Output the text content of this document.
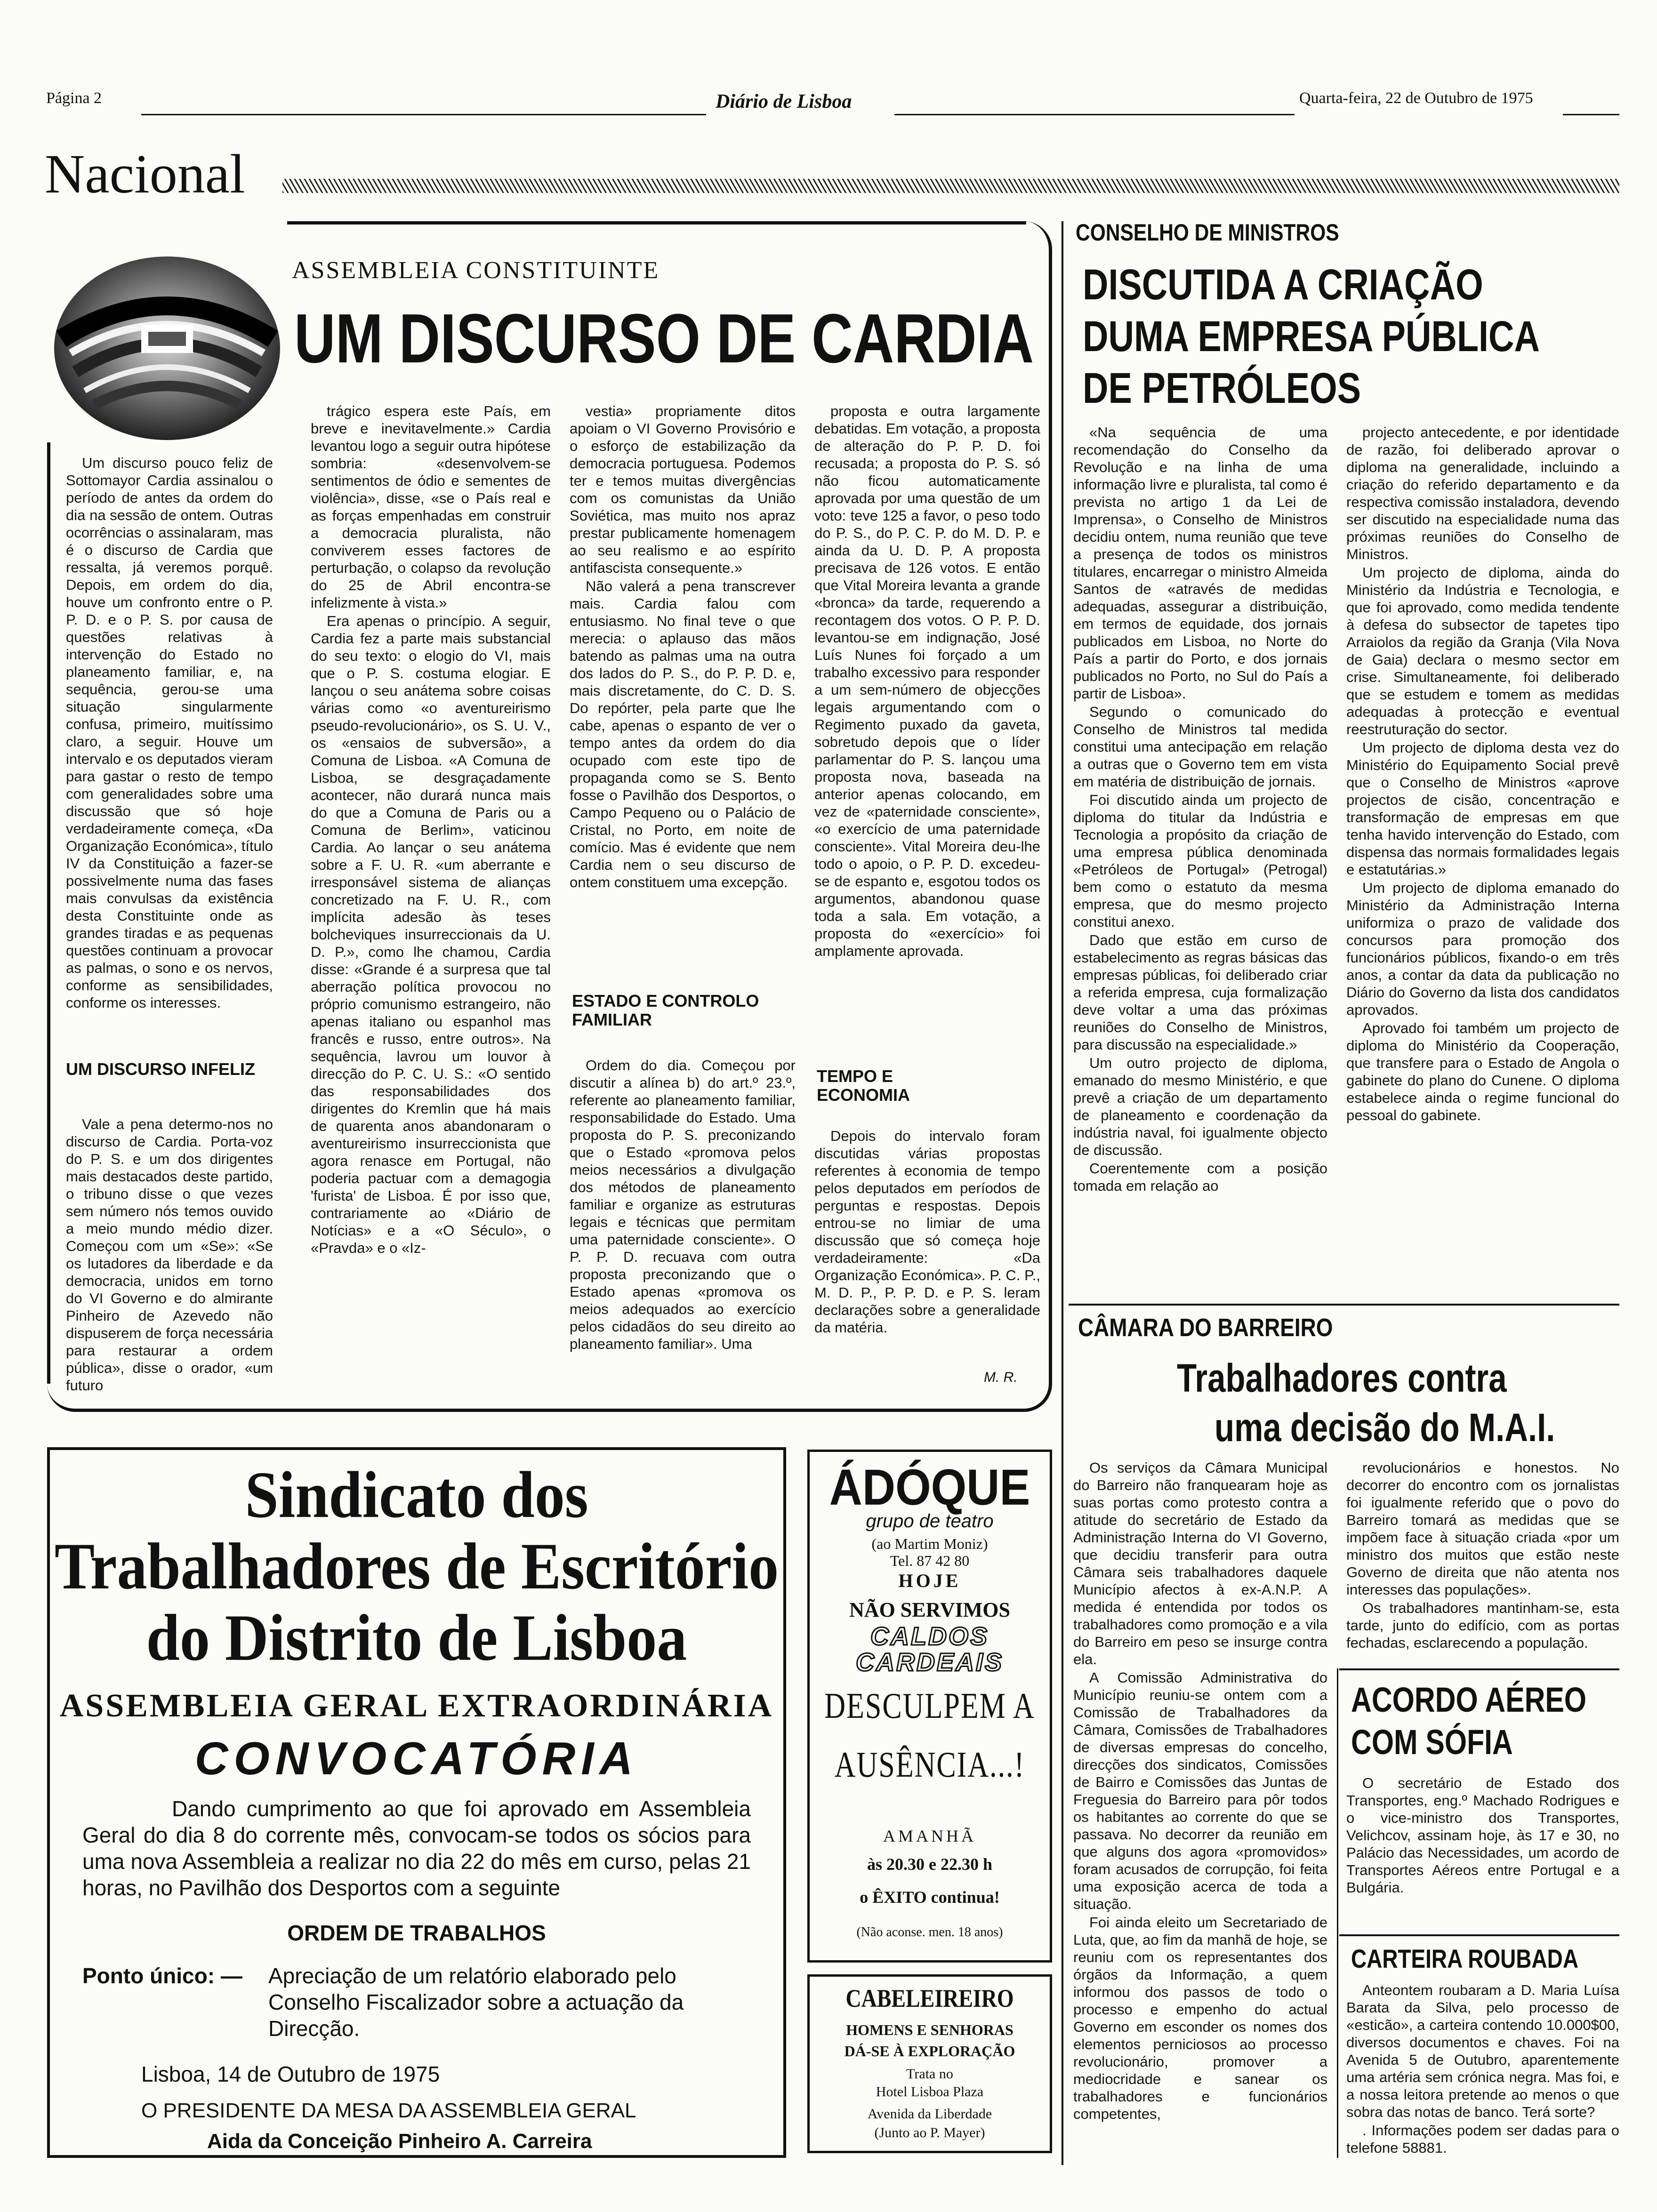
Página 2	Diário de Lisboa	Quarta-feira, 22 de Outubro de 1975
Nacional
ASSEMBLEIA CONSTITUINTE
UM DISCURSO DE CARDIA

Um discurso pouco feliz de Sottomayor Cardia assinalou o período de antes da ordem do dia na sessão de ontem. Outras ocorrências o assinalaram, mas é o discurso de Cardia que ressalta, já veremos porquê. Depois, em ordem do dia, houve um confronto entre o P. P. D. e o P. S. por causa de questões relativas à intervenção do Estado no planeamento familiar, e, na sequência, gerou-se uma situação singularmente confusa, primeiro, muitíssimo claro, a seguir. Houve um intervalo e os deputados vieram para gastar o resto de tempo com generalidades sobre uma discussão que só hoje verdadeiramente começa, «Da Organização Económica», título IV da Constituição a fazer-se possivelmente numa das fases mais convulsas da existência desta Constituinte onde as grandes tiradas e as pequenas questões continuam a provocar as palmas, o sono e os nervos, conforme as sensibilidades, conforme os interesses.

UM DISCURSO INFELIZ

Vale a pena determo-nos no discurso de Cardia. Porta-voz do P. S. e um dos dirigentes mais destacados deste partido, o tribuno disse o que vezes sem número nós temos ouvido a meio mundo médio dizer. Começou com um «Se»: «Se os lutadores da liberdade e da democracia, unidos em torno do VI Governo e do almirante Pinheiro de Azevedo não dispuserem de força necessária para restaurar a ordem pública», disse o orador, «um futuro

trágico espera este País, em breve e inevitavelmente.» Cardia levantou logo a seguir outra hipótese sombria: «desenvolvem-se sentimentos de ódio e sementes de violência», disse, «se o País real e as forças empenhadas em construir a democracia pluralista, não conviverem esses factores de perturbação, o colapso da revolução do 25 de Abril encontra-se infelizmente à vista.»

Era apenas o princípio. A seguir, Cardia fez a parte mais substancial do seu texto: o elogio do VI, mais que o P. S. costuma elogiar. E lançou o seu anátema sobre coisas várias como «o aventureirismo pseudo-revolucionário», os S. U. V., os «ensaios de subversão», a Comuna de Lisboa. «A Comuna de Lisboa, se desgraçadamente acontecer, não durará nunca mais do que a Comuna de Paris ou a Comuna de Berlim», vaticinou Cardia. Ao lançar o seu anátema sobre a F. U. R. «um aberrante e irresponsável sistema de alianças concretizado na F. U. R., com implícita adesão às teses bolcheviques insurreccionais da U. D. P.», como lhe chamou, Cardia disse: «Grande é a surpresa que tal aberração política provocou no próprio comunismo estrangeiro, não apenas italiano ou espanhol mas francês e russo, entre outros». Na sequência, lavrou um louvor à direcção do P. C. U. S.: «O sentido das responsabilidades dos dirigentes do Kremlin que há mais de quarenta anos abandonaram o aventureirismo insurreccionista que agora renasce em Portugal, não poderia pactuar com a demagogia 'furista' de Lisboa. É por isso que, contrariamente ao «Diário de Notícias» e a «O Século», o «Pravda» e o «Iz-

vestia» propriamente ditos apoiam o VI Governo Provisório e o esforço de estabilização da democracia portuguesa. Podemos ter e temos muitas divergências com os comunistas da União Soviética, mas muito nos apraz prestar publicamente homenagem ao seu realismo e ao espírito antifascista consequente.»

Não valerá a pena transcrever mais. Cardia falou com entusiasmo. No final teve o que merecia: o aplauso das mãos batendo as palmas uma na outra dos lados do P. S., do P. P. D. e, mais discretamente, do C. D. S. Do repórter, pela parte que lhe cabe, apenas o espanto de ver o tempo antes da ordem do dia ocupado com este tipo de propaganda como se S. Bento fosse o Pavilhão dos Desportos, o Campo Pequeno ou o Palácio de Cristal, no Porto, em noite de comício. Mas é evidente que nem Cardia nem o seu discurso de ontem constituem uma excepção.

ESTADO E CONTROLO FAMILIAR

Ordem do dia. Começou por discutir a alínea b) do art.º 23.º, referente ao planeamento familiar, responsabilidade do Estado. Uma proposta do P. S. preconizando que o Estado «promova pelos meios necessários a divulgação dos métodos de planeamento familiar e organize as estruturas legais e técnicas que permitam uma paternidade consciente». O P. P. D. recuava com outra proposta preconizando que o Estado apenas «promova os meios adequados ao exercício pelos cidadãos do seu direito ao planeamento familiar». Uma

proposta e outra largamente debatidas. Em votação, a proposta de alteração do P. P. D. foi recusada; a proposta do P. S. só não ficou automaticamente aprovada por uma questão de um voto: teve 125 a favor, o peso todo do P. S., do P. C. P. do M. D. P. e ainda da U. D. P. A proposta precisava de 126 votos. E então que Vital Moreira levanta a grande «bronca» da tarde, requerendo a recontagem dos votos. O P. P. D. levantou-se em indignação, José Luís Nunes foi forçado a um trabalho excessivo para responder a um sem-número de objecções legais argumentando com o Regimento puxado da gaveta, sobretudo depois que o líder parlamentar do P. S. lançou uma proposta nova, baseada na anterior apenas colocando, em vez de «paternidade consciente», «o exercício de uma paternidade consciente». Vital Moreira deu-lhe todo o apoio, o P. P. D. excedeu-se de espanto e, esgotou todos os argumentos, abandonou quase toda a sala. Em votação, a proposta do «exercício» foi amplamente aprovada.

TEMPO E ECONOMIA

Depois do intervalo foram discutidas várias propostas referentes à economia de tempo pelos deputados em períodos de perguntas e respostas. Depois entrou-se no limiar de uma discussão que só começa hoje verdadeiramente: «Da Organização Económica». P. C. P., M. D. P., P. P. D. e P. S. leram declarações sobre a generalidade da matéria.

M. R.
CONSELHO DE MINISTROS
DISCUTIDA A CRIAÇÃO
DUMA EMPRESA PÚBLICA
DE PETRÓLEOS

«Na sequência de uma recomendação do Conselho da Revolução e na linha de uma informação livre e pluralista, tal como é prevista no artigo 1 da Lei de Imprensa», o Conselho de Ministros decidiu ontem, numa reunião que teve a presença de todos os ministros titulares, encarregar o ministro Almeida Santos de «através de medidas adequadas, assegurar a distribuição, em termos de equidade, dos jornais publicados em Lisboa, no Norte do País a partir do Porto, e dos jornais publicados no Porto, no Sul do País a partir de Lisboa».

Segundo o comunicado do Conselho de Ministros tal medida constitui uma antecipação em relação a outras que o Governo tem em vista em matéria de distribuição de jornais.

Foi discutido ainda um projecto de diploma do titular da Indústria e Tecnologia a propósito da criação de uma empresa pública denominada «Petróleos de Portugal» (Petrogal) bem como o estatuto da mesma empresa, que do mesmo projecto constitui anexo.

Dado que estão em curso de estabelecimento as regras básicas das empresas públicas, foi deliberado criar a referida empresa, cuja formalização deve voltar a uma das próximas reuniões do Conselho de Ministros, para discussão na especialidade.»

Um outro projecto de diploma, emanado do mesmo Ministério, e que prevê a criação de um departamento de planeamento e coordenação da indústria naval, foi igualmente objecto de discussão.

Coerentemente com a posição tomada em relação ao

projecto antecedente, e por identidade de razão, foi deliberado aprovar o diploma na generalidade, incluindo a criação do referido departamento e da respectiva comissão instaladora, devendo ser discutido na especialidade numa das próximas reuniões do Conselho de Ministros.

Um projecto de diploma, ainda do Ministério da Indústria e Tecnologia, e que foi aprovado, como medida tendente à defesa do subsector de tapetes tipo Arraiolos da região da Granja (Vila Nova de Gaia) declara o mesmo sector em crise. Simultaneamente, foi deliberado que se estudem e tomem as medidas adequadas à protecção e eventual reestruturação do sector.

Um projecto de diploma desta vez do Ministério do Equipamento Social prevê que o Conselho de Ministros «aprove projectos de cisão, concentração e transformação de empresas em que tenha havido intervenção do Estado, com dispensa das normais formalidades legais e estatutárias.»

Um projecto de diploma emanado do Ministério da Administração Interna uniformiza o prazo de validade dos concursos para promoção dos funcionários públicos, fixando-o em três anos, a contar da data da publicação no Diário do Governo da lista dos candidatos aprovados.

Aprovado foi também um projecto de diploma do Ministério da Cooperação, que transfere para o Estado de Angola o gabinete do plano do Cunene. O diploma estabelece ainda o regime funcional do pessoal do gabinete.

CÂMARA DO BARREIRO
Trabalhadores contra
uma decisão do M.A.I.

Os serviços da Câmara Municipal do Barreiro não franquearam hoje as suas portas como protesto contra a atitude do secretário de Estado da Administração Interna do VI Governo, que decidiu transferir para outra Câmara seis trabalhadores daquele Município afectos à ex-A.N.P. A medida é entendida por todos os trabalhadores como promoção e a vila do Barreiro em peso se insurge contra ela.

A Comissão Administrativa do Município reuniu-se ontem com a Comissão de Trabalhadores da Câmara, Comissões de Trabalhadores de diversas empresas do concelho, direcções dos sindicatos, Comissões de Bairro e Comissões das Juntas de Freguesia do Barreiro para pôr todos os habitantes ao corrente do que se passava. No decorrer da reunião em que alguns dos agora «promovidos» foram acusados de corrupção, foi feita uma exposição acerca de toda a situação.

Foi ainda eleito um Secretariado de Luta, que, ao fim da manhã de hoje, se reuniu com os representantes dos órgãos da Informação, a quem informou dos passos de todo o processo e empenho do actual Governo em esconder os nomes dos elementos perniciosos ao processo revolucionário, promover a mediocridade e sanear os trabalhadores e funcionários competentes,

revolucionários e honestos. No decorrer do encontro com os jornalistas foi igualmente referido que o povo do Barreiro tomará as medidas que se impõem face à situação criada «por um ministro dos muitos que estão neste Governo de direita que não atenta nos interesses das populações».

Os trabalhadores mantinham-se, esta tarde, junto do edifício, com as portas fechadas, esclarecendo a população.

ACORDO AÉREO
COM SÓFIA

O secretário de Estado dos Transportes, eng.º Machado Rodrigues e o vice-ministro dos Transportes, Velichcov, assinam hoje, às 17 e 30, no Palácio das Necessidades, um acordo de Transportes Aéreos entre Portugal e a Bulgária.

CARTEIRA ROUBADA

Anteontem roubaram a D. Maria Luísa Barata da Silva, pelo processo de «esticão», a carteira contendo 10.000$00, diversos documentos e chaves. Foi na Avenida 5 de Outubro, aparentemente uma artéria sem crónica negra. Mas foi, e a nossa leitora pretende ao menos o que sobra das notas de banco. Terá sorte?

. Informações podem ser dadas para o telefone 58881.

Sindicato dos
Trabalhadores de Escritório
do Distrito de Lisboa
ASSEMBLEIA GERAL EXTRAORDINÁRIA
CONVOCATÓRIA
Dando cumprimento ao que foi aprovado em Assembleia Geral do dia 8 do corrente mês, convocam-se todos os sócios para uma nova Assembleia a realizar no dia 22 do mês em curso, pelas 21 horas, no Pavilhão dos Desportos com a seguinte
ORDEM DE TRABALHOS
Ponto único: — Apreciação de um relatório elaborado pelo Conselho Fiscalizador sobre a actuação da Direcção.
Lisboa, 14 de Outubro de 1975
O PRESIDENTE DA MESA DA ASSEMBLEIA GERAL
Aida da Conceição Pinheiro A. Carreira
ÁDÓQUE
grupo de teatro
(ao Martim Moniz)
Tel. 87 42 80
HOJE
NÃO SERVIMOS
CALDOS
CARDEAIS
DESCULPEM A
AUSÊNCIA...!
AMANHÃ
às 20.30 e 22.30 h
o ÊXITO continua!
(Não aconse. men. 18 anos)
CABELEIREIRO
HOMENS E SENHORAS
DÁ-SE À EXPLORAÇÃO
Trata no
Hotel Lisboa Plaza
Avenida da Liberdade
(Junto ao P. Mayer)
